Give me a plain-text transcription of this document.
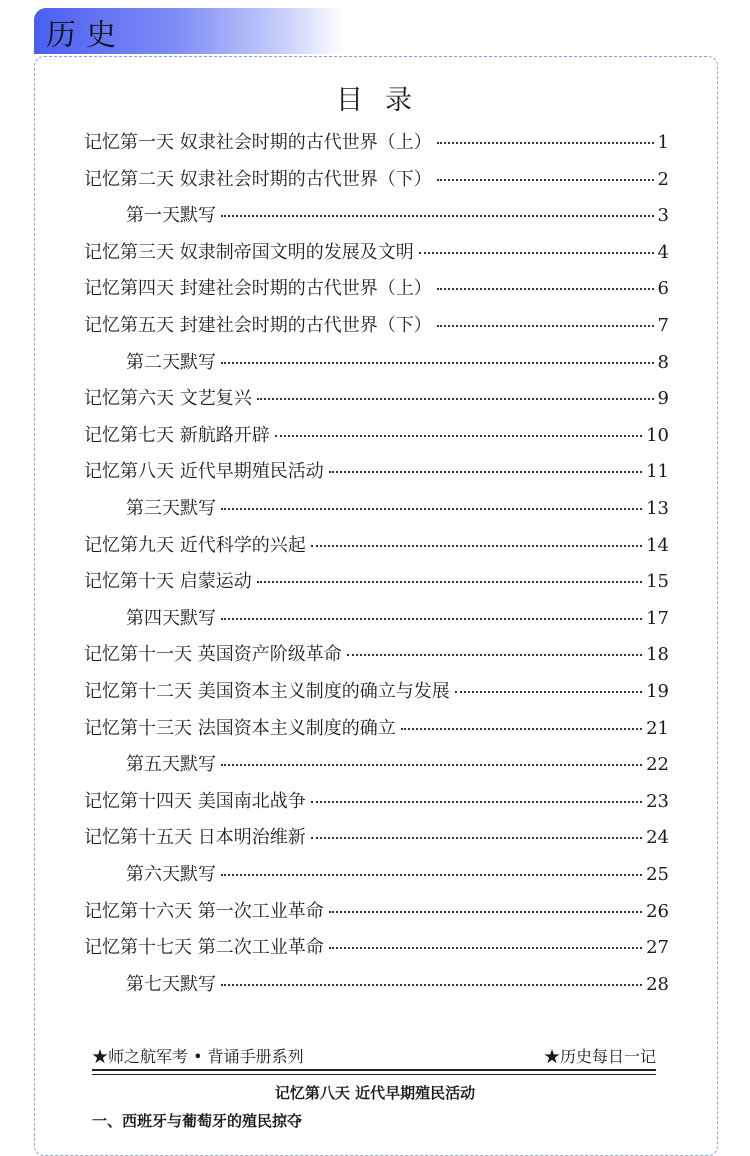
历史
目录
记忆第一天 奴隶社会时期的古代世界（上）	1
记忆第二天 奴隶社会时期的古代世界（下）	2
第一天默写	3
记忆第三天 奴隶制帝国文明的发展及文明	4
记忆第四天 封建社会时期的古代世界（上）	6
记忆第五天 封建社会时期的古代世界（下）	7
第二天默写	8
记忆第六天 文艺复兴	9
记忆第七天 新航路开辟	10
记忆第八天 近代早期殖民活动	11
第三天默写	13
记忆第九天 近代科学的兴起	14
记忆第十天 启蒙运动	15
第四天默写	17
记忆第十一天 英国资产阶级革命	18
记忆第十二天 美国资本主义制度的确立与发展	19
记忆第十三天 法国资本主义制度的确立	21
第五天默写	22
记忆第十四天 美国南北战争	23
记忆第十五天 日本明治维新	24
第六天默写	25
记忆第十六天 第一次工业革命	26
记忆第十七天 第二次工业革命	27
第七天默写	28
★师之航军考 • 背诵手册系列	★历史每日一记
记忆第八天 近代早期殖民活动
一、西班牙与葡萄牙的殖民掠夺
